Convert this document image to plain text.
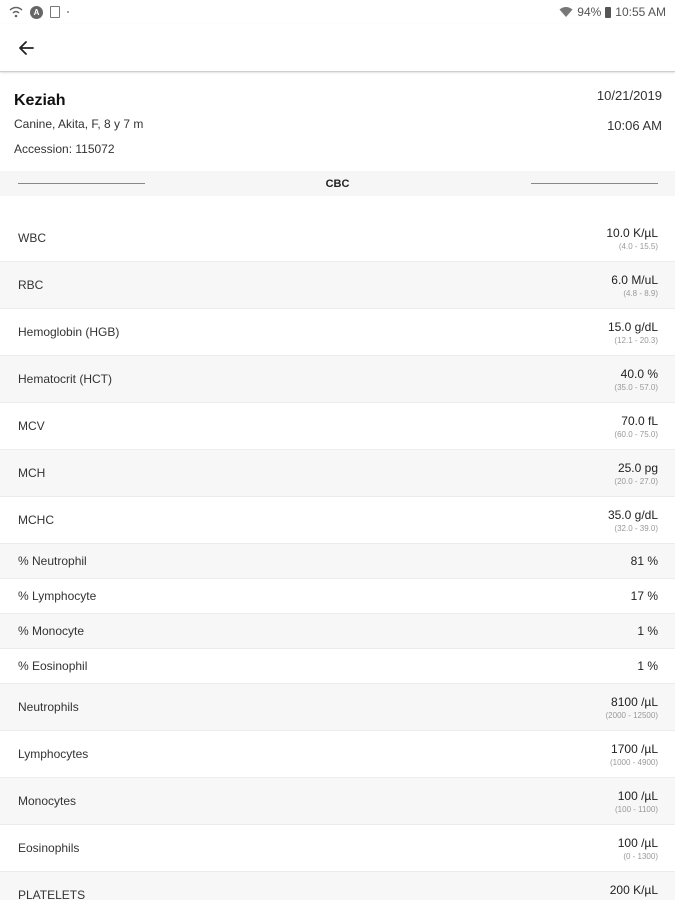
A	94% 10:55 AM
Keziah
Canine, Akita, F, 8 y 7 m
Accession: 115072
10/21/2019
10:06 AM
CBC
WBC	10.0 K/µL
(4.0 - 15.5)
RBC	6.0 M/uL
(4.8 - 8.9)
Hemoglobin (HGB)	15.0 g/dL
(12.1 - 20.3)
Hematocrit (HCT)	40.0 %
(35.0 - 57.0)
MCV	70.0 fL
(60.0 - 75.0)
MCH	25.0 pg
(20.0 - 27.0)
MCHC	35.0 g/dL
(32.0 - 39.0)
% Neutrophil	81 %
% Lymphocyte	17 %
% Monocyte	1 %
% Eosinophil	1 %
Neutrophils	8100 /µL
(2000 - 12500)
Lymphocytes	1700 /µL
(1000 - 4900)
Monocytes	100 /µL
(100 - 1100)
Eosinophils	100 /µL
(0 - 1300)
PLATELETS	200 K/µL
